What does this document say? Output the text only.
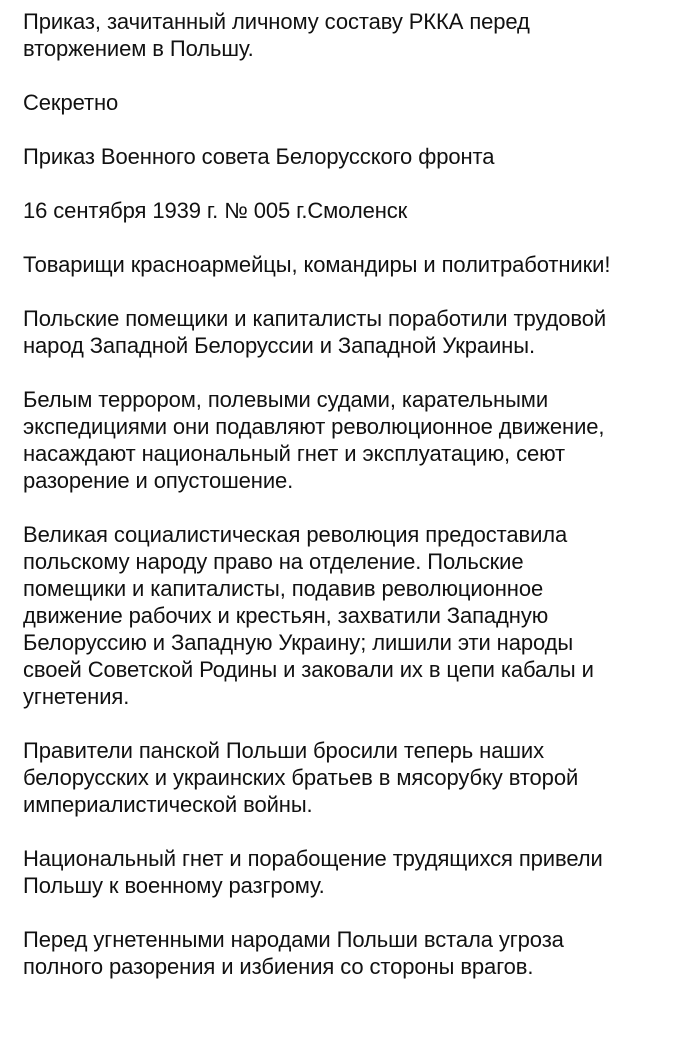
Приказ, зачитанный личному составу РККА перед
вторжением в Польшу.

Секретно

Приказ Военного совета Белорусского фронта

16 сентября 1939 г. № 005 г.Смоленск

Товарищи красноармейцы, командиры и политработники!

Польские помещики и капиталисты поработили трудовой
народ Западной Белоруссии и Западной Украины.

Белым террором, полевыми судами, карательными
экспедициями они подавляют революционное движение,
насаждают национальный гнет и эксплуатацию, сеют
разорение и опустошение.

Великая социалистическая революция предоставила
польскому народу право на отделение. Польские
помещики и капиталисты, подавив революционное
движение рабочих и крестьян, захватили Западную
Белоруссию и Западную Украину; лишили эти народы
своей Советской Родины и заковали их в цепи кабалы и
угнетения.

Правители панской Польши бросили теперь наших
белорусских и украинских братьев в мясорубку второй
империалистической войны.

Национальный гнет и порабощение трудящихся привели
Польшу к военному разгрому.

Перед угнетенными народами Польши встала угроза
полного разорения и избиения со стороны врагов.
